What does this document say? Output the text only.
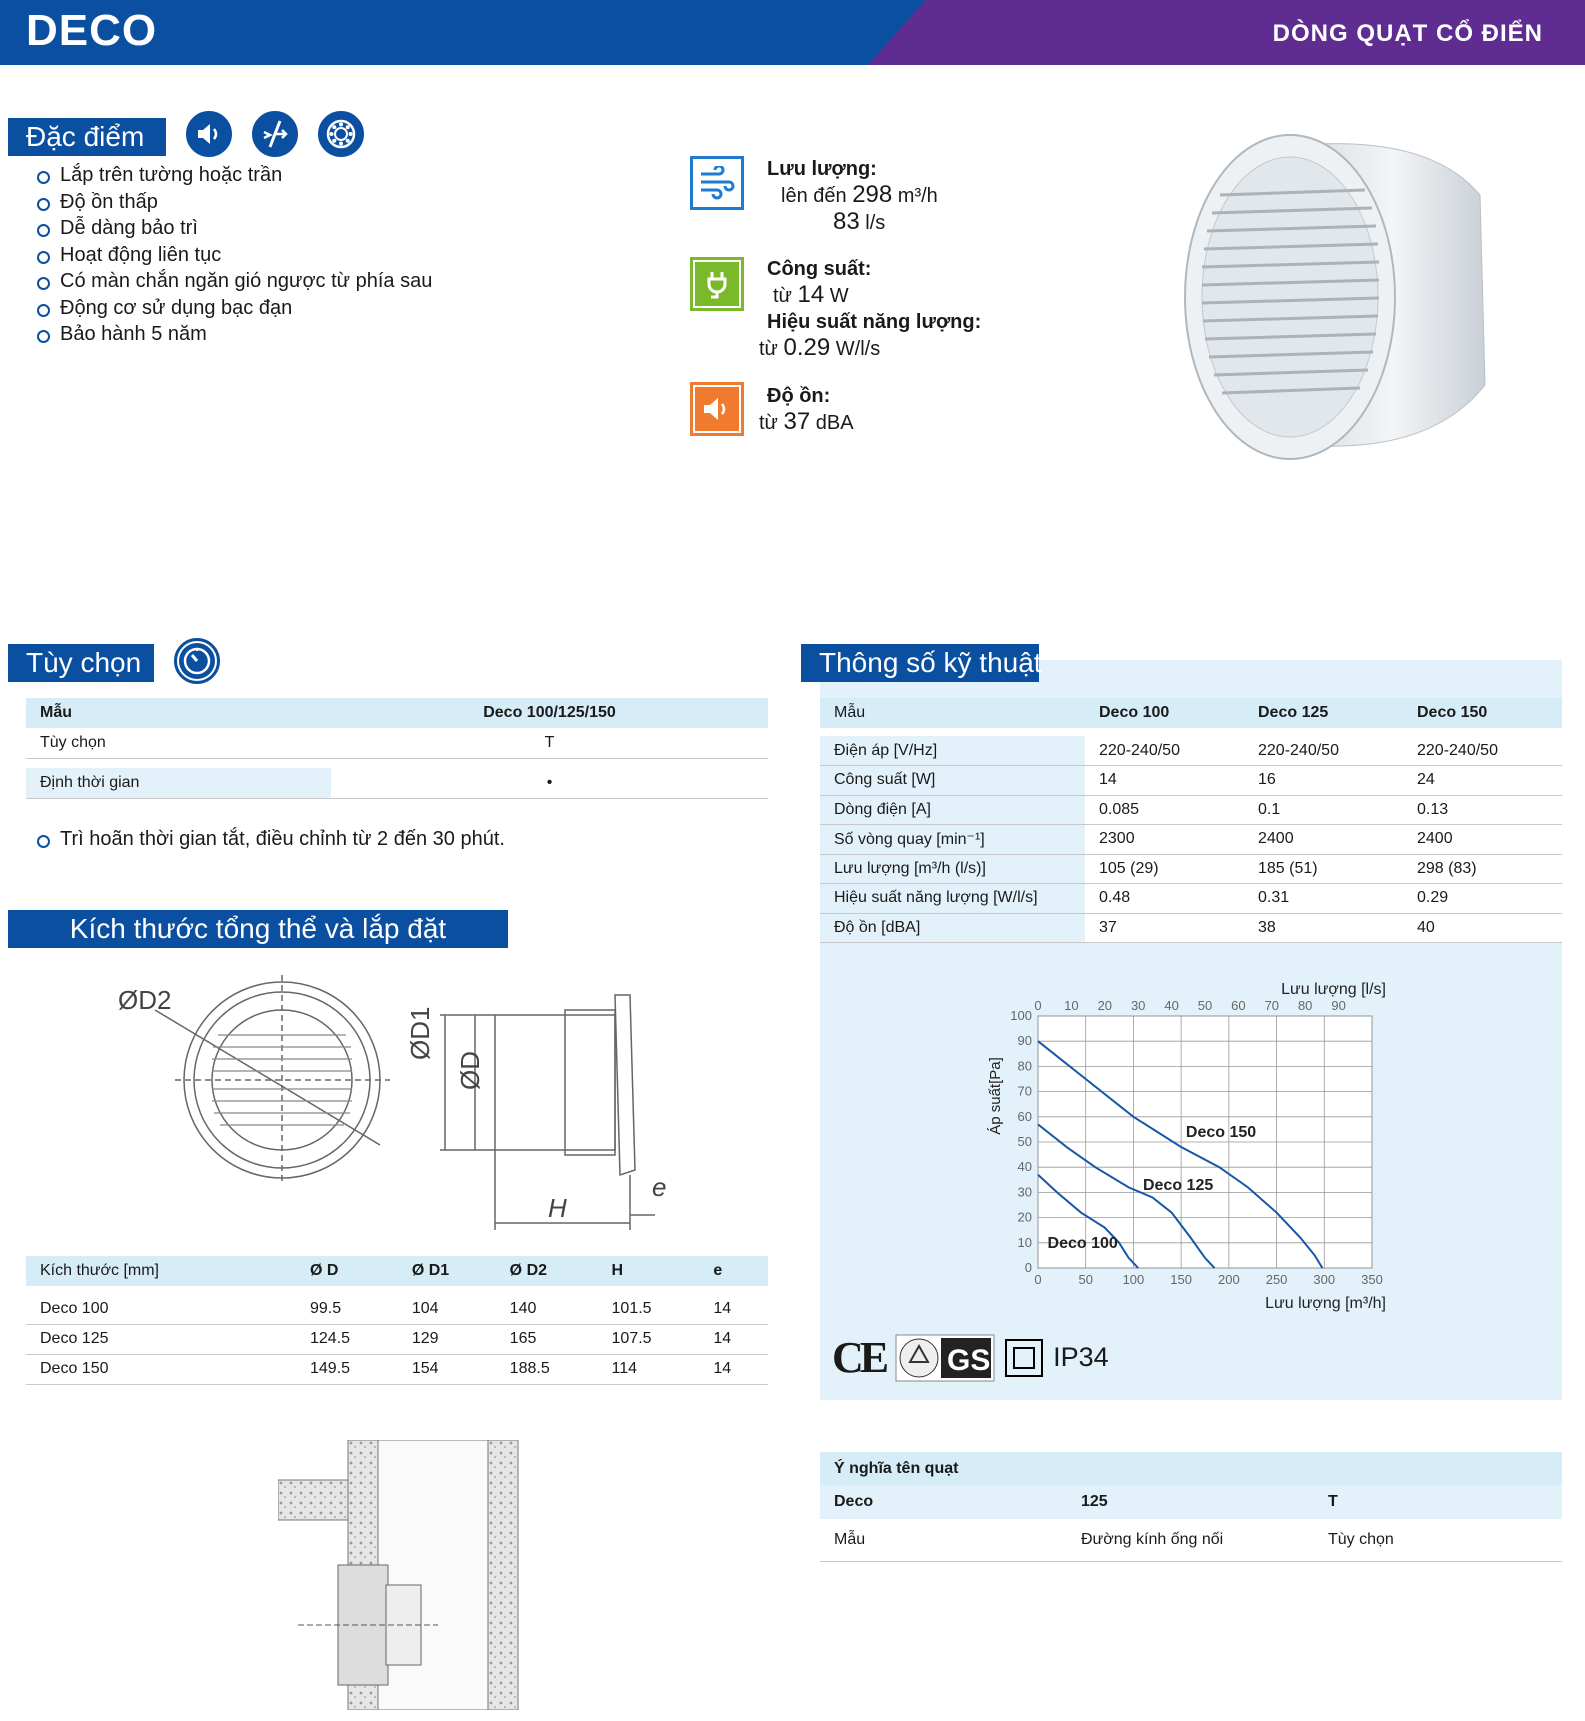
DECO	DÒNG QUẠT CỔ ĐIỂN
Đặc điểm
Lắp trên tường hoặc trần
Độ ồn thấp
Dễ dàng bảo trì
Hoạt động liên tục
Có màn chắn ngăn gió ngược từ phía sau
Động cơ sử dụng bạc đạn
Bảo hành 5 năm
Lưu lượng:
lên đến 298 m³/h
83 l/s
Công suất:
từ 14 W
Hiệu suất năng lượng:
từ 0.29 W/l/s
Độ ồn:
từ 37 dBA
Tùy chọn
Mẫu	Deco 100/125/150
Tùy chọn	T

Định thời gian	•
Trì hoãn thời gian tắt, điều chỉnh từ 2 đến 30 phút.
Kích thước tổng thể và lắp đặt
ØD2
ØD1
ØD
H
e
Kích thước [mm]	Ø D	Ø D1	Ø D2	H	e

Deco 100	99.5	104	140	101.5	14
Deco 125	124.5	129	165	107.5	14
Deco 150	149.5	154	188.5	114	14
Thông số kỹ thuật
Mẫu	Deco 100	Deco 125	Deco 150

Điện áp [V/Hz]	220-240/50	220-240/50	220-240/50
Công suất [W]	14	16	24
Dòng điện [A]	0.085	0.1	0.13
Số vòng quay [min⁻¹]	2300	2400	2400
Lưu lượng [m³/h (l/s)]	105 (29)	185 (51)	298 (83)
Hiệu suất năng lượng [W/l/s]	0.48	0.31	0.29
Độ ồn [dBA]	37	38	40
0	50 100 150 200 250 300 350
0 10 20 30 40 50 60 70 80 90
0
10
20
30
40
50
60
70
80
90
100
Deco 100
Deco 125
Deco 150
Lưu lượng [m³/h]
Lưu lượng [l/s]
Áp suất[Pa]
CE GS IP34
Ý nghĩa tên quạt		
Deco	125	T
Mẫu	Đường kính ống nối	Tùy chọn
